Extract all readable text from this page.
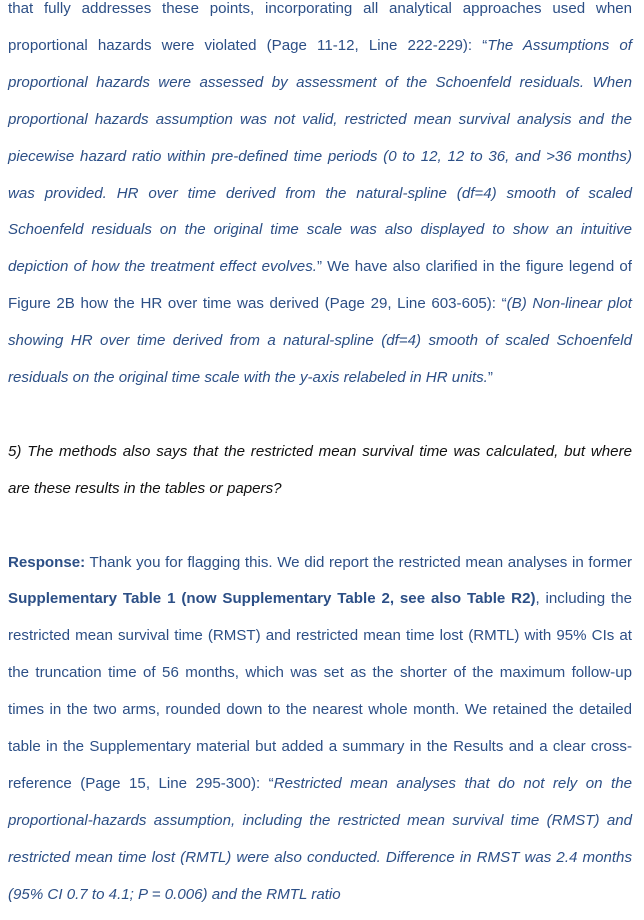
that fully addresses these points, incorporating all analytical approaches used when proportional hazards were violated (Page 11-12, Line 222-229): “The Assumptions of proportional hazards were assessed by assessment of the Schoenfeld residuals. When proportional hazards assumption was not valid, restricted mean survival analysis and the piecewise hazard ratio within pre-defined time periods (0 to 12, 12 to 36, and >36 months) was provided. HR over time derived from the natural-spline (df=4) smooth of scaled Schoenfeld residuals on the original time scale was also displayed to show an intuitive depiction of how the treatment effect evolves.” We have also clarified in the figure legend of Figure 2B how the HR over time was derived (Page 29, Line 603-605): “(B) Non-linear plot showing HR over time derived from a natural-spline (df=4) smooth of scaled Schoenfeld residuals on the original time scale with the y-axis relabeled in HR units.”

5) The methods also says that the restricted mean survival time was calculated, but where are these results in the tables or papers?

Response: Thank you for flagging this. We did report the restricted mean analyses in former Supplementary Table 1 (now Supplementary Table 2, see also Table R2), including the restricted mean survival time (RMST) and restricted mean time lost (RMTL) with 95% CIs at the truncation time of 56 months, which was set as the shorter of the maximum follow-up times in the two arms, rounded down to the nearest whole month. We retained the detailed table in the Supplementary material but added a summary in the Results and a clear cross-reference (Page 15, Line 295-300): “Restricted mean analyses that do not rely on the proportional-hazards assumption, including the restricted mean survival time (RMST) and restricted mean time lost (RMTL) were also conducted. Difference in RMST was 2.4 months (95% CI 0.7 to 4.1; P = 0.006) and the RMTL ratio
